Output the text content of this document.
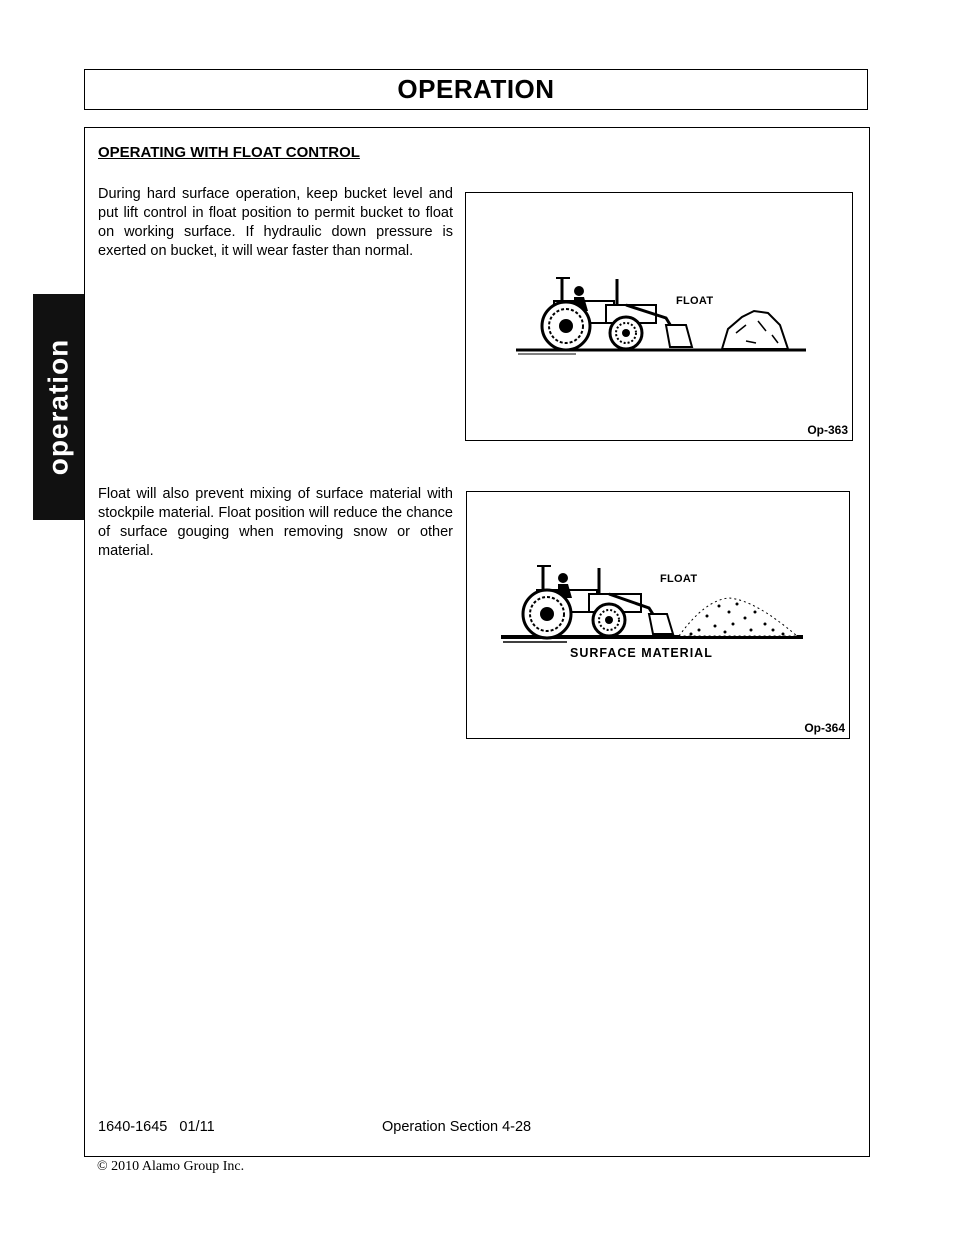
OPERATION
operation
OPERATING WITH FLOAT CONTROL
During hard surface operation, keep bucket level and put lift control in float position to permit bucket to float on working surface. If hydraulic down pressure is exerted on bucket, it will wear faster than normal.
Float will also prevent mixing of surface material with stockpile material. Float position will reduce the chance of surface gouging when removing snow or other material.
FLOAT
Op-363
FLOAT
SURFACE MATERIAL
Op-364
1640-1645   01/11	Operation Section 4-28
© 2010 Alamo Group Inc.
